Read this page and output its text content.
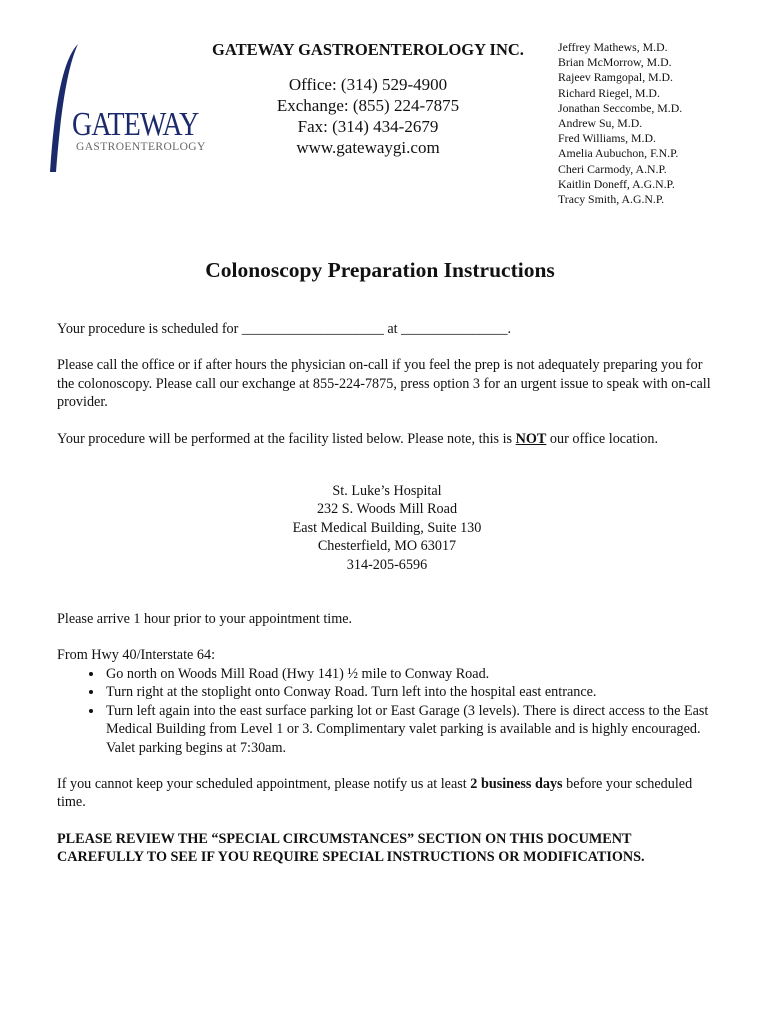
GATEWAY
GASTROENTEROLOGY
GATEWAY GASTROENTEROLOGY INC.
Office: (314) 529-4900
Exchange: (855) 224-7875
Fax: (314) 434-2679
www.gatewaygi.com
Jeffrey Mathews, M.D.
Brian McMorrow, M.D.
Rajeev Ramgopal, M.D.
Richard Riegel, M.D.
Jonathan Seccombe, M.D.
Andrew Su, M.D.
Fred Williams, M.D.
Amelia Aubuchon, F.N.P.
Cheri Carmody, A.N.P.
Kaitlin Doneff, A.G.N.P.
Tracy Smith, A.G.N.P.
Colonoscopy Preparation Instructions

Your procedure is scheduled for ____________________ at _______________.

Please call the office or if after hours the physician on-call if you feel the prep is not adequately preparing you for the colonoscopy. Please call our exchange at 855-224-7875, press option 3 for an urgent issue to speak with on-call provider.

Your procedure will be performed at the facility listed below. Please note, this is NOT our office location.

St. Luke’s Hospital
232 S. Woods Mill Road
East Medical Building, Suite 130
Chesterfield, MO 63017
314-205-6596

Please arrive 1 hour prior to your appointment time.

From Hwy 40/Interstate 64:

• Go north on Woods Mill Road (Hwy 141) ½ mile to Conway Road.
• Turn right at the stoplight onto Conway Road. Turn left into the hospital east entrance.
• Turn left again into the east surface parking lot or East Garage (3 levels). There is direct access to the East Medical Building from Level 1 or 3. Complimentary valet parking is available and is highly encouraged. Valet parking begins at 7:30am.

If you cannot keep your scheduled appointment, please notify us at least 2 business days before your scheduled time.

PLEASE REVIEW THE “SPECIAL CIRCUMSTANCES” SECTION ON THIS DOCUMENT CAREFULLY TO SEE IF YOU REQUIRE SPECIAL INSTRUCTIONS OR MODIFICATIONS.
